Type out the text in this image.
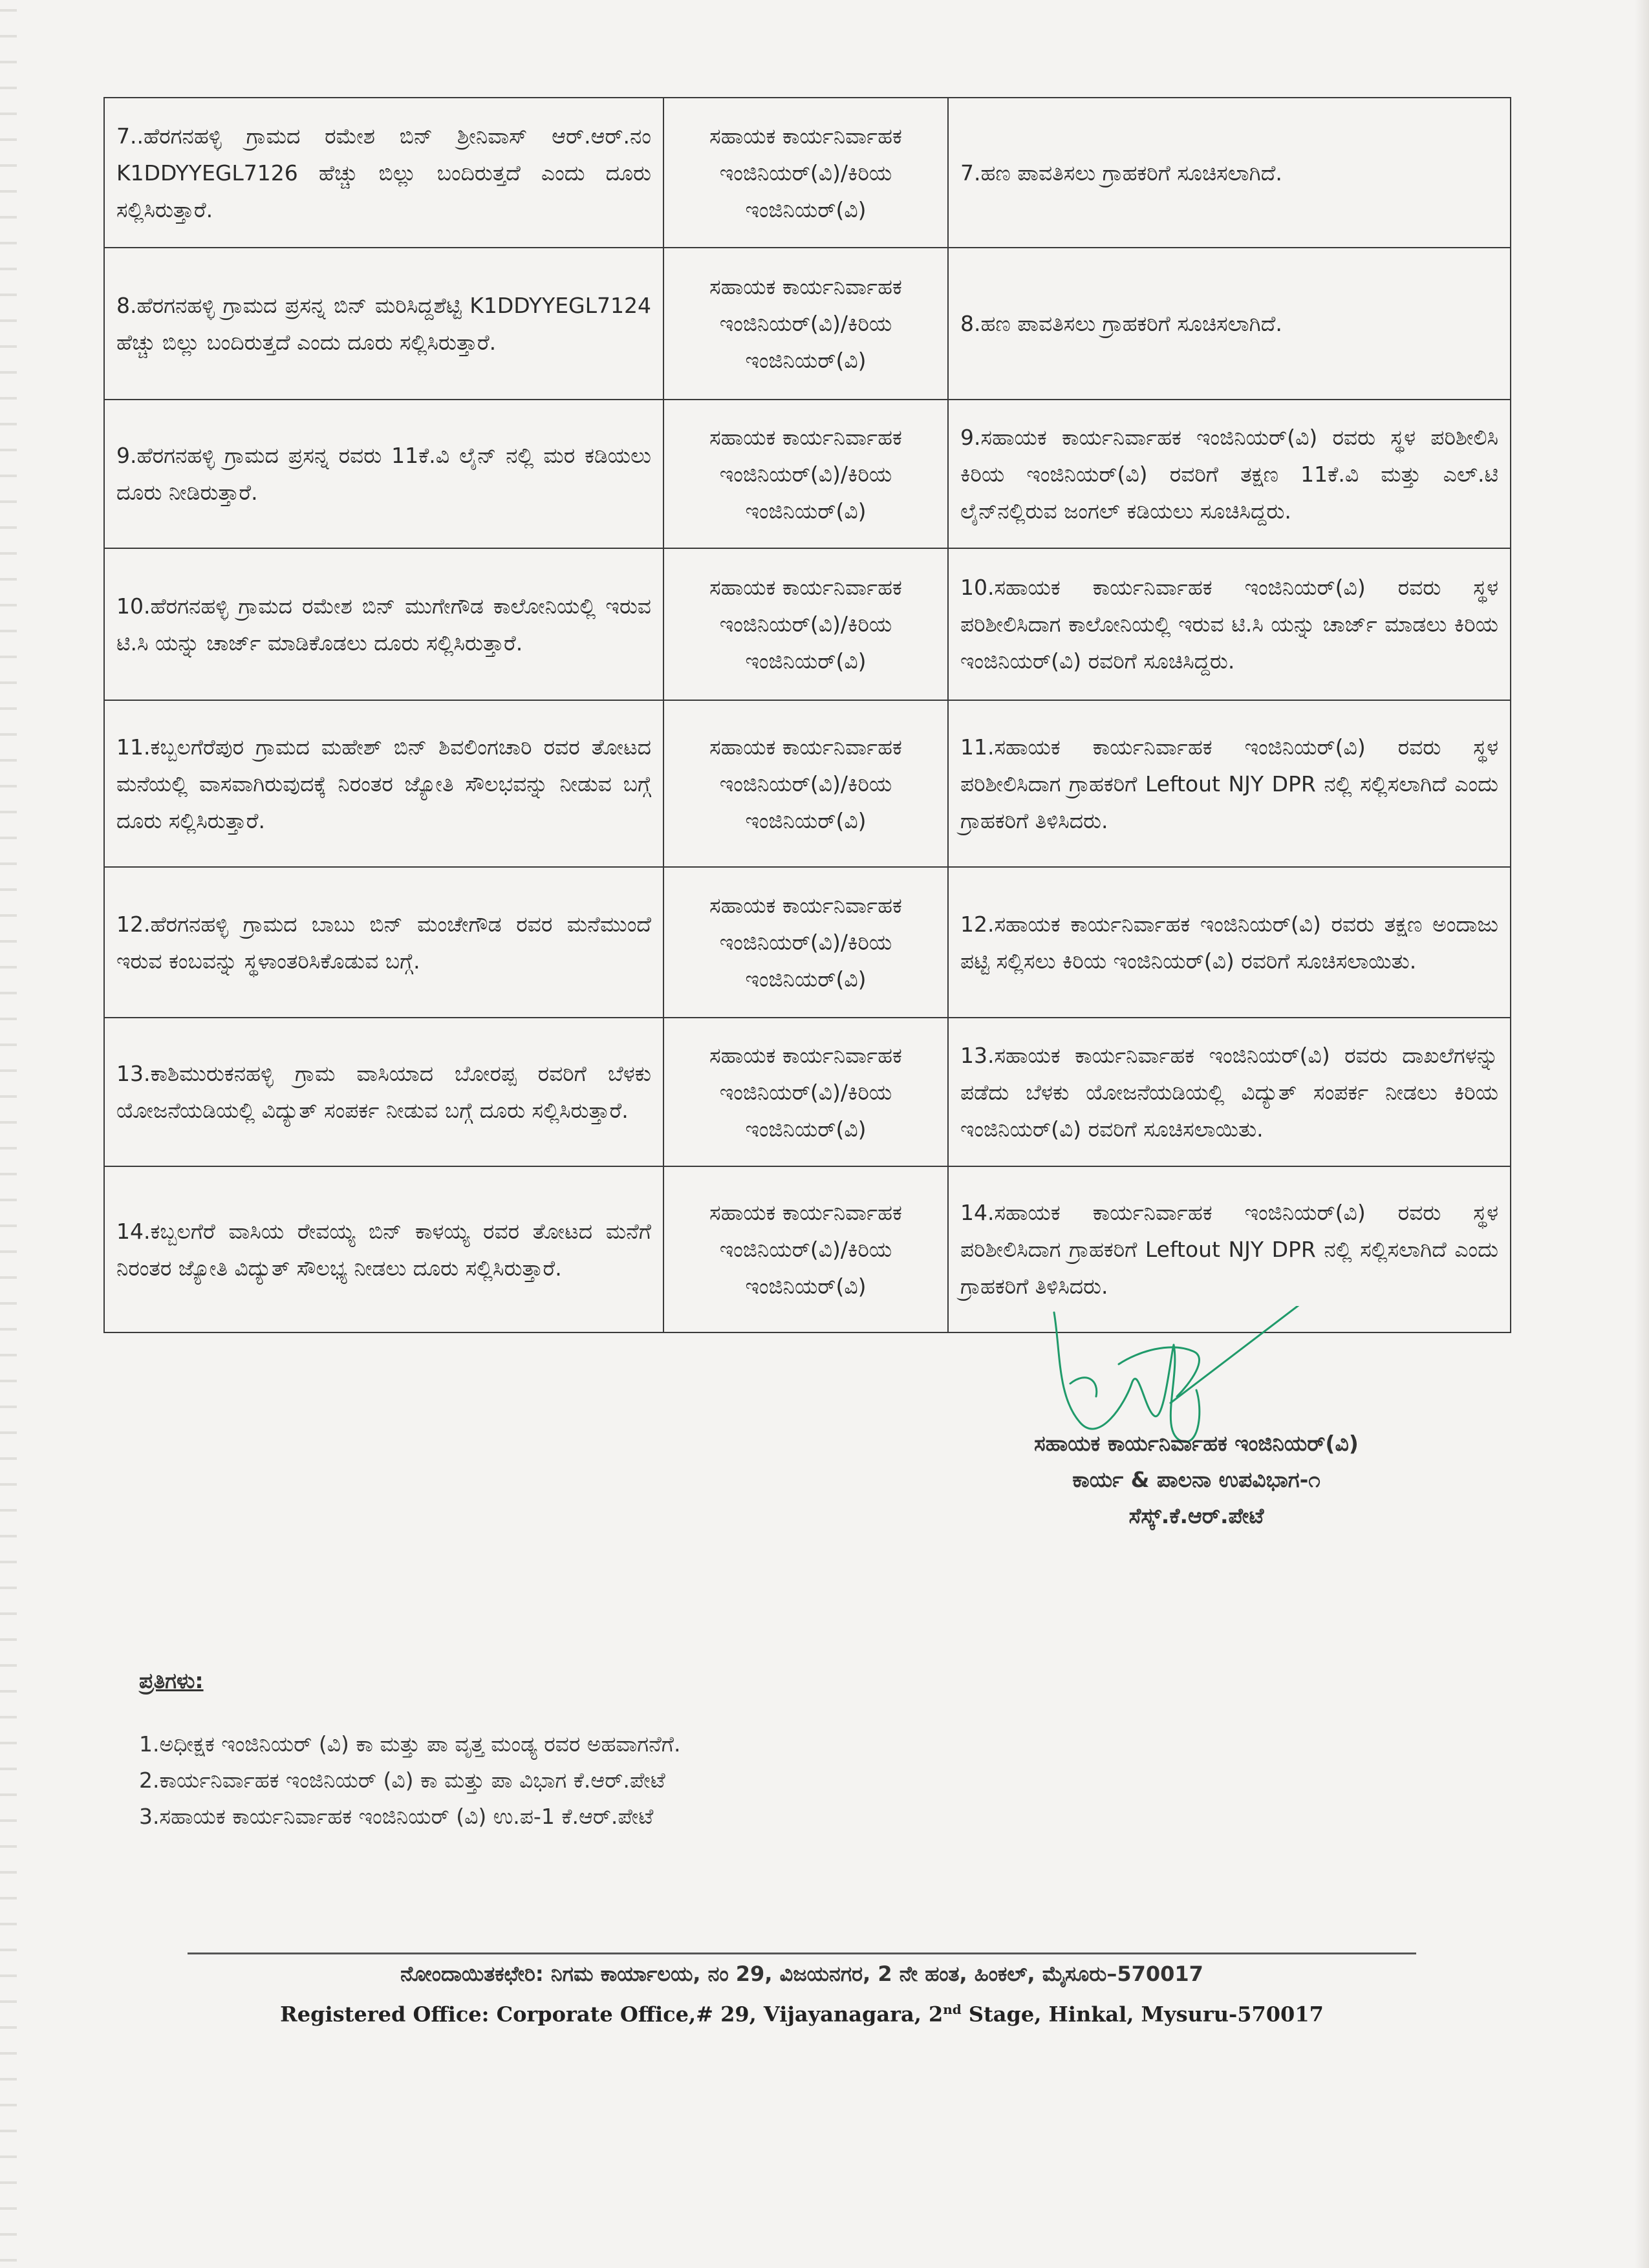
7..ಹೆರಗನಹಳ್ಳಿ ಗ್ರಾಮದ ರಮೇಶ ಬಿನ್ ಶ್ರೀನಿವಾಸ್ ಆರ್.ಆರ್.ನಂ K1DDYYEGL7126 ಹೆಚ್ಚು ಬಿಲ್ಲು ಬಂದಿರುತ್ತದೆ ಎಂದು ದೂರು ಸಲ್ಲಿಸಿರುತ್ತಾರೆ.	ಸಹಾಯಕ ಕಾರ್ಯನಿರ್ವಾಹಕ ಇಂಜಿನಿಯರ್(ವಿ)/ಕಿರಿಯ ಇಂಜಿನಿಯರ್(ವಿ)	7.ಹಣ ಪಾವತಿಸಲು ಗ್ರಾಹಕರಿಗೆ ಸೂಚಿಸಲಾಗಿದೆ.
8.ಹೆರಗನಹಳ್ಳಿ ಗ್ರಾಮದ ಪ್ರಸನ್ನ ಬಿನ್ ಮರಿಸಿದ್ದಶೆಟ್ಟಿ K1DDYYEGL7124 ಹೆಚ್ಚು ಬಿಲ್ಲು ಬಂದಿರುತ್ತದೆ ಎಂದು ದೂರು ಸಲ್ಲಿಸಿರುತ್ತಾರೆ.	ಸಹಾಯಕ ಕಾರ್ಯನಿರ್ವಾಹಕ ಇಂಜಿನಿಯರ್(ವಿ)/ಕಿರಿಯ ಇಂಜಿನಿಯರ್(ವಿ)	8.ಹಣ ಪಾವತಿಸಲು ಗ್ರಾಹಕರಿಗೆ ಸೂಚಿಸಲಾಗಿದೆ.
9.ಹೆರಗನಹಳ್ಳಿ ಗ್ರಾಮದ ಪ್ರಸನ್ನ ರವರು 11ಕೆ.ವಿ ಲೈನ್ ನಲ್ಲಿ ಮರ ಕಡಿಯಲು ದೂರು ನೀಡಿರುತ್ತಾರೆ.	ಸಹಾಯಕ ಕಾರ್ಯನಿರ್ವಾಹಕ ಇಂಜಿನಿಯರ್(ವಿ)/ಕಿರಿಯ ಇಂಜಿನಿಯರ್(ವಿ)	9.ಸಹಾಯಕ ಕಾರ್ಯನಿರ್ವಾಹಕ ಇಂಜಿನಿಯರ್(ವಿ) ರವರು ಸ್ಥಳ ಪರಿಶೀಲಿಸಿ ಕಿರಿಯ ಇಂಜಿನಿಯರ್(ವಿ) ರವರಿಗೆ ತಕ್ಷಣ 11ಕೆ.ವಿ ಮತ್ತು ಎಲ್.ಟಿ ಲೈನ್‌ನಲ್ಲಿರುವ ಜಂಗಲ್ ಕಡಿಯಲು ಸೂಚಿಸಿದ್ದರು.
10.ಹೆರಗನಹಳ್ಳಿ ಗ್ರಾಮದ ರಮೇಶ ಬಿನ್ ಮುಗೇಗೌಡ ಕಾಲೋನಿಯಲ್ಲಿ ಇರುವ ಟಿ.ಸಿ ಯನ್ನು ಚಾರ್ಜ್ ಮಾಡಿಕೊಡಲು ದೂರು ಸಲ್ಲಿಸಿರುತ್ತಾರೆ.	ಸಹಾಯಕ ಕಾರ್ಯನಿರ್ವಾಹಕ ಇಂಜಿನಿಯರ್(ವಿ)/ಕಿರಿಯ ಇಂಜಿನಿಯರ್(ವಿ)	10.ಸಹಾಯಕ ಕಾರ್ಯನಿರ್ವಾಹಕ ಇಂಜಿನಿಯರ್(ವಿ) ರವರು ಸ್ಥಳ ಪರಿಶೀಲಿಸಿದಾಗ ಕಾಲೋನಿಯಲ್ಲಿ ಇರುವ ಟಿ.ಸಿ ಯನ್ನು ಚಾರ್ಜ್ ಮಾಡಲು ಕಿರಿಯ ಇಂಜಿನಿಯರ್(ವಿ) ರವರಿಗೆ ಸೂಚಿಸಿದ್ದರು.
11.ಕಬ್ಬಲಗೆರೆಪುರ ಗ್ರಾಮದ ಮಹೇಶ್ ಬಿನ್ ಶಿವಲಿಂಗಚಾರಿ ರವರ ತೋಟದ ಮನೆಯಲ್ಲಿ ವಾಸವಾಗಿರುವುದಕ್ಕೆ ನಿರಂತರ ಜ್ಯೋತಿ ಸೌಲಭವನ್ನು ನೀಡುವ ಬಗ್ಗೆ ದೂರು ಸಲ್ಲಿಸಿರುತ್ತಾರೆ.	ಸಹಾಯಕ ಕಾರ್ಯನಿರ್ವಾಹಕ ಇಂಜಿನಿಯರ್(ವಿ)/ಕಿರಿಯ ಇಂಜಿನಿಯರ್(ವಿ)	11.ಸಹಾಯಕ ಕಾರ್ಯನಿರ್ವಾಹಕ ಇಂಜಿನಿಯರ್(ವಿ) ರವರು ಸ್ಥಳ ಪರಿಶೀಲಿಸಿದಾಗ ಗ್ರಾಹಕರಿಗೆ Leftout NJY DPR ನಲ್ಲಿ ಸಲ್ಲಿಸಲಾಗಿದೆ ಎಂದು ಗ್ರಾಹಕರಿಗೆ ತಿಳಿಸಿದರು.
12.ಹೆರಗನಹಳ್ಳಿ ಗ್ರಾಮದ ಬಾಬು ಬಿನ್ ಮಂಚೇಗೌಡ ರವರ ಮನೆಮುಂದೆ ಇರುವ ಕಂಬವನ್ನು ಸ್ಥಳಾಂತರಿಸಿಕೊಡುವ ಬಗ್ಗೆ.	ಸಹಾಯಕ ಕಾರ್ಯನಿರ್ವಾಹಕ ಇಂಜಿನಿಯರ್(ವಿ)/ಕಿರಿಯ ಇಂಜಿನಿಯರ್(ವಿ)	12.ಸಹಾಯಕ ಕಾರ್ಯನಿರ್ವಾಹಕ ಇಂಜಿನಿಯರ್(ವಿ) ರವರು ತಕ್ಷಣ ಅಂದಾಜು ಪಟ್ಟಿ ಸಲ್ಲಿಸಲು ಕಿರಿಯ ಇಂಜಿನಿಯರ್(ವಿ) ರವರಿಗೆ ಸೂಚಿಸಲಾಯಿತು.
13.ಕಾಶಿಮುರುಕನಹಳ್ಳಿ ಗ್ರಾಮ ವಾಸಿಯಾದ ಬೋರಪ್ಪ ರವರಿಗೆ ಬೆಳಕು ಯೋಜನೆಯಡಿಯಲ್ಲಿ ವಿದ್ಯುತ್ ಸಂಪರ್ಕ ನೀಡುವ ಬಗ್ಗೆ ದೂರು ಸಲ್ಲಿಸಿರುತ್ತಾರೆ.	ಸಹಾಯಕ ಕಾರ್ಯನಿರ್ವಾಹಕ ಇಂಜಿನಿಯರ್(ವಿ)/ಕಿರಿಯ ಇಂಜಿನಿಯರ್(ವಿ)	13.ಸಹಾಯಕ ಕಾರ್ಯನಿರ್ವಾಹಕ ಇಂಜಿನಿಯರ್(ವಿ) ರವರು ದಾಖಲೆಗಳನ್ನು ಪಡೆದು ಬೆಳಕು ಯೋಜನೆಯಡಿಯಲ್ಲಿ ವಿದ್ಯುತ್ ಸಂಪರ್ಕ ನೀಡಲು ಕಿರಿಯ ಇಂಜಿನಿಯರ್(ವಿ) ರವರಿಗೆ ಸೂಚಿಸಲಾಯಿತು.
14.ಕಬ್ಬಲಗೆರೆ ವಾಸಿಯ ರೇವಯ್ಯ ಬಿನ್ ಕಾಳಯ್ಯ ರವರ ತೋಟದ ಮನೆಗೆ ನಿರಂತರ ಜ್ಯೋತಿ ವಿದ್ಯುತ್ ಸೌಲಭ್ಯ ನೀಡಲು ದೂರು ಸಲ್ಲಿಸಿರುತ್ತಾರೆ.	ಸಹಾಯಕ ಕಾರ್ಯನಿರ್ವಾಹಕ ಇಂಜಿನಿಯರ್(ವಿ)/ಕಿರಿಯ ಇಂಜಿನಿಯರ್(ವಿ)	14.ಸಹಾಯಕ ಕಾರ್ಯನಿರ್ವಾಹಕ ಇಂಜಿನಿಯರ್(ವಿ) ರವರು ಸ್ಥಳ ಪರಿಶೀಲಿಸಿದಾಗ ಗ್ರಾಹಕರಿಗೆ Leftout NJY DPR ನಲ್ಲಿ ಸಲ್ಲಿಸಲಾಗಿದೆ ಎಂದು ಗ್ರಾಹಕರಿಗೆ ತಿಳಿಸಿದರು.
ಸಹಾಯಕ ಕಾರ್ಯನಿರ್ವಾಹಕ ಇಂಜಿನಿಯರ್(ವಿ)
ಕಾರ್ಯ & ಪಾಲನಾ ಉಪವಿಭಾಗ-೧
ಸೆಸ್ಕ್.ಕೆ.ಆರ್.ಪೇಟೆ
ಪ್ರತಿಗಳು:
1.ಅಧೀಕ್ಷಕ ಇಂಜಿನಿಯರ್ (ವಿ) ಕಾ ಮತ್ತು ಪಾ ವೃತ್ತ ಮಂಡ್ಯ ರವರ ಅಹವಾಗನೆಗೆ.
2.ಕಾರ್ಯನಿರ್ವಾಹಕ ಇಂಜಿನಿಯರ್ (ವಿ) ಕಾ ಮತ್ತು ಪಾ ವಿಭಾಗ ಕೆ.ಆರ್.ಪೇಟೆ
3.ಸಹಾಯಕ ಕಾರ್ಯನಿರ್ವಾಹಕ ಇಂಜಿನಿಯರ್ (ವಿ) ಉ.ಪ-1 ಕೆ.ಆರ್.ಪೇಟೆ
ನೋಂದಾಯಿತಕಛೇರಿ: ನಿಗಮ ಕಾರ್ಯಾಲಯ, ನಂ 29, ವಿಜಯನಗರ, 2 ನೇ ಹಂತ, ಹಿಂಕಲ್, ಮೈಸೂರು–570017
Registered Office: Corporate Office,# 29, Vijayanagara, 2nd Stage, Hinkal, Mysuru-570017
